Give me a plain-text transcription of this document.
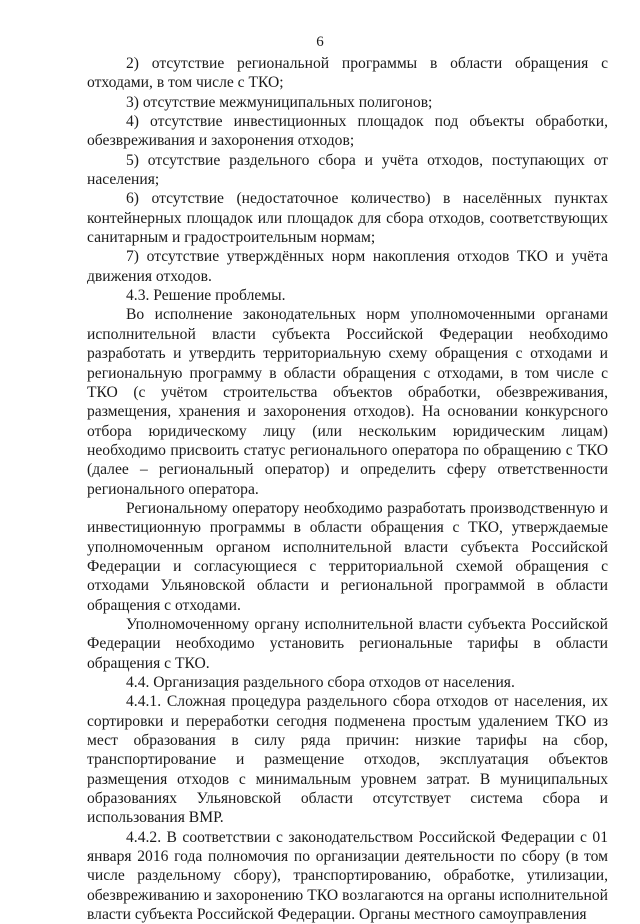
6

2) отсутствие региональной программы в области обращения с отходами, в том числе с ТКО;

3) отсутствие межмуниципальных полигонов;

4) отсутствие инвестиционных площадок под объекты обработки, обезвреживания и захоронения отходов;

5) отсутствие раздельного сбора и учёта отходов, поступающих от населения;

6) отсутствие (недостаточное количество) в населённых пунктах контейнерных площадок или площадок для сбора отходов, соответствующих санитарным и градостроительным нормам;

7) отсутствие утверждённых норм накопления отходов ТКО и учёта движения отходов.

4.3. Решение проблемы.

Во исполнение законодательных норм уполномоченными органами исполнительной власти субъекта Российской Федерации необходимо разработать и утвердить территориальную схему обращения с отходами и региональную программу в области обращения с отходами, в том числе с ТКО (с учётом строительства объектов обработки, обезвреживания, размещения, хранения и захоронения отходов). На основании конкурсного отбора юридическому лицу (или нескольким юридическим лицам) необходимо присвоить статус регионального оператора по обращению с ТКО (далее – региональный оператор) и определить сферу ответственности регионального оператора.

Региональному оператору необходимо разработать производственную и инвестиционную программы в области обращения с ТКО, утверждаемые уполномоченным органом исполнительной власти субъекта Российской Федерации и согласующиеся с территориальной схемой обращения с отходами Ульяновской области и региональной программой в области обращения с отходами.

Уполномоченному органу исполнительной власти субъекта Российской Федерации необходимо установить региональные тарифы в области обращения с ТКО.

4.4. Организация раздельного сбора отходов от населения.

4.4.1. Сложная процедура раздельного сбора отходов от населения, их сортировки и переработки сегодня подменена простым удалением ТКО из мест образования в силу ряда причин: низкие тарифы на сбор, транспортирование и размещение отходов, эксплуатация объектов размещения отходов с минимальным уровнем затрат. В муниципальных образованиях Ульяновской области отсутствует система сбора и использования ВМР.

4.4.2. В соответствии с законодательством Российской Федерации с 01 января 2016 года полномочия по организации деятельности по сбору (в том числе раздельному сбору), транспортированию, обработке, утилизации, обезвреживанию и захоронению ТКО возлагаются на органы исполнительной власти субъекта Российской Федерации. Органы местного самоуправления
